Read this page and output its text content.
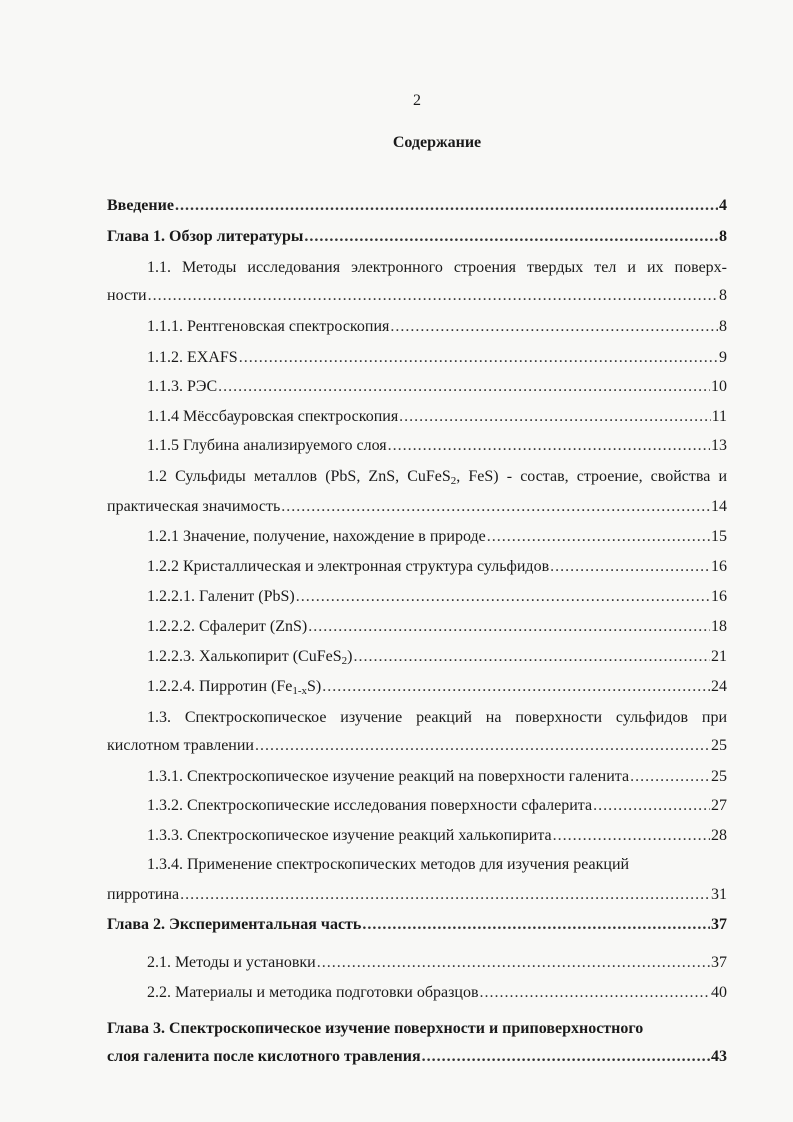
2
Содержание
Введение .....	4
Глава 1. Обзор литературы .....	8
1.1. Методы исследования электронного строения твердых тел и их поверх-
ности .....	8
1.1.1. Рентгеновская спектроскопия .....	8
1.1.2. EXAFS .....	9
1.1.3. РЭС .....	10
1.1.4 Мёссбауровская спектроскопия .....	11
1.1.5 Глубина анализируемого слоя .....	13
1.2 Сульфиды металлов (PbS, ZnS, CuFeS$_2$, FeS) - состав, строение, свойства и
практическая значимость .....	14
1.2.1 Значение, получение, нахождение в природе .....	15
1.2.2 Кристаллическая и электронная структура сульфидов .....	16
1.2.2.1. Галенит (PbS) .....	16
1.2.2.2. Сфалерит (ZnS) .....	18
1.2.2.3. Халькопирит (CuFeS$_2$) .....	21
1.2.2.4. Пирротин $(Fe_{1-x}S)$ .....	24
1.3. Спектроскопическое изучение реакций на поверхности сульфидов при
кислотном травлении .....	25
1.3.1. Спектроскопическое изучение реакций на поверхности галенита .....	25
1.3.2. Спектроскопические исследования поверхности сфалерита .....	27
1.3.3. Спектроскопическое изучение реакций халькопирита .....	28
1.3.4. Применение спектроскопических методов для изучения реакций
пирротина .....	31
Глава 2. Экспериментальная часть .....	37
2.1. Методы и установки .....	37
2.2. Материалы и методика подготовки образцов .....	40
Глава 3. Спектроскопическое изучение поверхности и приповерхностного
слоя галенита после кислотного травления .....	43
